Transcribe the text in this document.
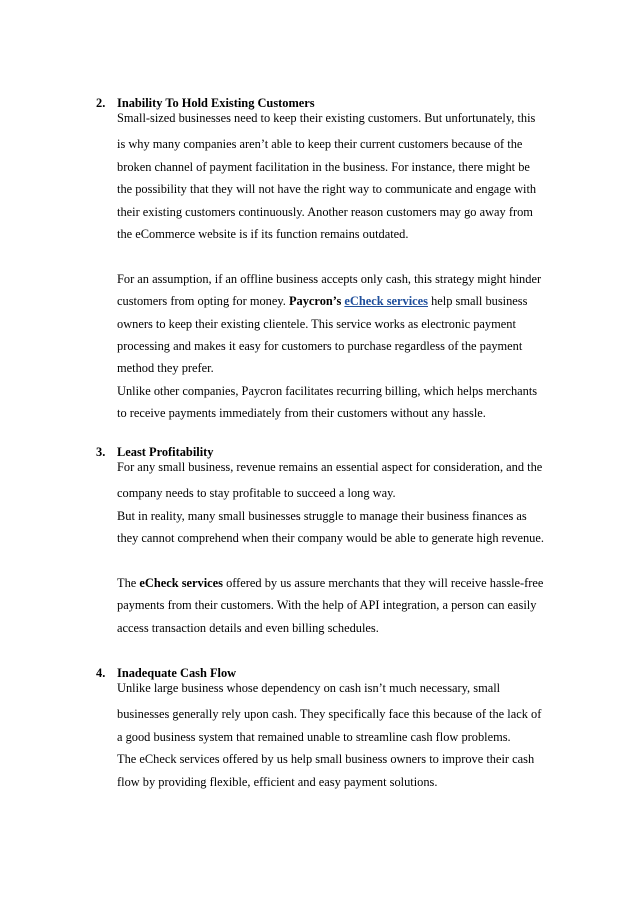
2. Inability To Hold Existing Customers
Small-sized businesses need to keep their existing customers. But unfortunately, this
is why many companies aren’t able to keep their current customers because of the
broken channel of payment facilitation in the business. For instance, there might be
the possibility that they will not have the right way to communicate and engage with
their existing customers continuously. Another reason customers may go away from
the eCommerce website is if its function remains outdated.
For an assumption, if an offline business accepts only cash, this strategy might hinder
customers from opting for money. Paycron’s eCheck services help small business
owners to keep their existing clientele. This service works as electronic payment
processing and makes it easy for customers to purchase regardless of the payment
method they prefer.
Unlike other companies, Paycron facilitates recurring billing, which helps merchants
to receive payments immediately from their customers without any hassle.
3. Least Profitability
For any small business, revenue remains an essential aspect for consideration, and the
company needs to stay profitable to succeed a long way.
But in reality, many small businesses struggle to manage their business finances as
they cannot comprehend when their company would be able to generate high revenue.
The eCheck services offered by us assure merchants that they will receive hassle-free
payments from their customers. With the help of API integration, a person can easily
access transaction details and even billing schedules.
4. Inadequate Cash Flow
Unlike large business whose dependency on cash isn’t much necessary, small
businesses generally rely upon cash. They specifically face this because of the lack of
a good business system that remained unable to streamline cash flow problems.
The eCheck services offered by us help small business owners to improve their cash
flow by providing flexible, efficient and easy payment solutions.
